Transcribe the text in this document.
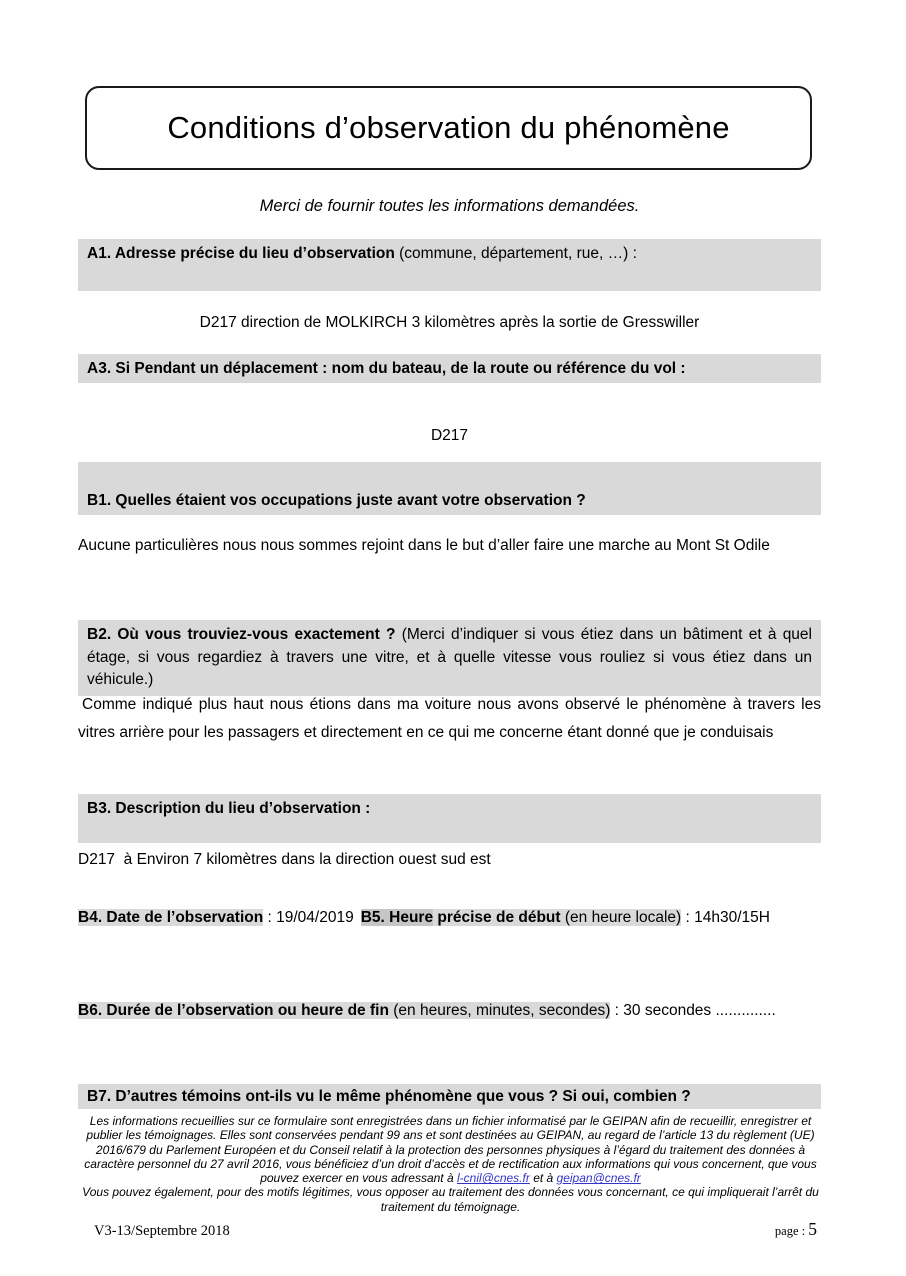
Conditions d’observation du phénomène
Merci de fournir toutes les informations demandées.
A1. Adresse précise du lieu d’observation (commune, département, rue, …) :
D217 direction de MOLKIRCH 3 kilomètres après la sortie de Gresswiller
A3. Si Pendant un déplacement : nom du bateau, de la route ou référence du vol :
D217
B1. Quelles étaient vos occupations juste avant votre observation ?
Aucune particulières nous nous sommes rejoint dans le but d’aller faire une marche au Mont St Odile
B2. Où vous trouviez-vous exactement ? (Merci d’indiquer si vous étiez dans un bâtiment et à quel étage, si vous regardiez à travers une vitre, et à quelle vitesse vous rouliez si vous étiez dans un véhicule.)
Comme indiqué plus haut nous étions dans ma voiture nous avons observé le phénomène à travers les vitres arrière pour les passagers et directement en ce qui me concerne étant donné que je conduisais
B3. Description du lieu d’observation :
D217  à Environ 7 kilomètres dans la direction ouest sud est
B4. Date de l’observation : 19/04/2019 B5. Heure précise de début (en heure locale) : 14h30/15H
B6. Durée de l’observation ou heure de fin (en heures, minutes, secondes) : 30 secondes ..............
B7. D’autres témoins ont-ils vu le même phénomène que vous ? Si oui, combien ?

Les informations recueillies sur ce formulaire sont enregistrées dans un fichier informatisé par le GEIPAN afin de recueillir, enregistrer et publier les témoignages. Elles sont conservées pendant 99 ans et sont destinées au GEIPAN, au regard de l’article 13 du règlement (UE) 2016/679 du Parlement Européen et du Conseil relatif à la protection des personnes physiques à l’égard du traitement des données à caractère personnel du 27 avril 2016, vous bénéficiez d’un droit d’accès et de rectification aux informations qui vous concernent, que vous pouvez exercer en vous adressant à l-cnil@cnes.fr et à geipan@cnes.fr

Vous pouvez également, pour des motifs légitimes, vous opposer au traitement des données vous concernant, ce qui impliquerait l’arrêt du traitement du témoignage.

V3-13/Septembre 2018	page : 5
